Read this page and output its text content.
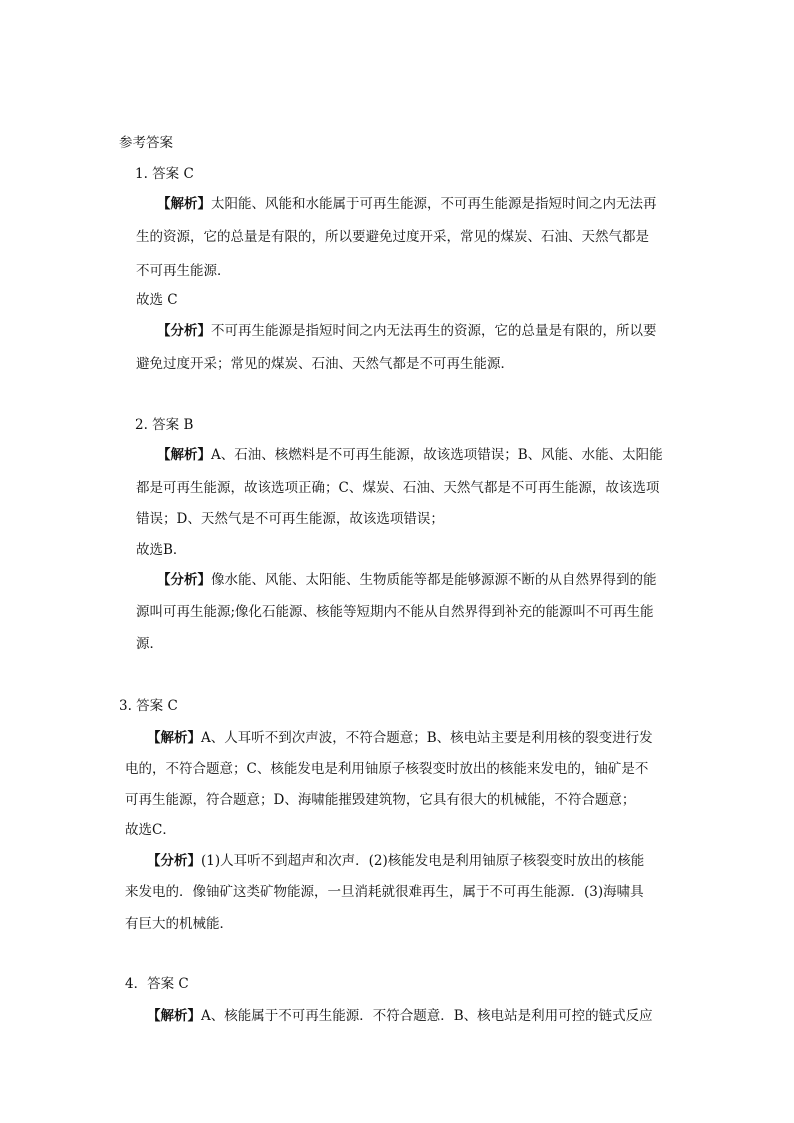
参考答案
1. 答案 C
【解析】太阳能、风能和水能属于可再生能源，不可再生能源是指短时间之内无法再
生的资源，它的总量是有限的，所以要避免过度开采，常见的煤炭、石油、天然气都是
不可再生能源．
故选 C
【分析】不可再生能源是指短时间之内无法再生的资源，它的总量是有限的，所以要
避免过度开采；常见的煤炭、石油、天然气都是不可再生能源．
2. 答案 B
【解析】A、石油、核燃料是不可再生能源，故该选项错误；B、风能、水能、太阳能
都是可再生能源，故该选项正确；C、煤炭、石油、天然气都是不可再生能源，故该选项
错误；D、天然气是不可再生能源，故该选项错误；
故选B．
【分析】像水能、风能、太阳能、生物质能等都是能够源源不断的从自然界得到的能
源叫可再生能源;像化石能源、核能等短期内不能从自然界得到补充的能源叫不可再生能
源．
3. 答案 C
【解析】A、人耳听不到次声波，不符合题意；B、核电站主要是利用核的裂变进行发
电的，不符合题意；C、核能发电是利用铀原子核裂变时放出的核能来发电的，铀矿是不
可再生能源，符合题意；D、海啸能摧毁建筑物，它具有很大的机械能，不符合题意；
故选C．
【分析】(1)人耳听不到超声和次声．(2)核能发电是利用铀原子核裂变时放出的核能
来发电的．像铀矿这类矿物能源，一旦消耗就很难再生，属于不可再生能源．(3)海啸具
有巨大的机械能．
4．答案 C
【解析】A、核能属于不可再生能源．不符合题意．B、核电站是利用可控的链式反应
